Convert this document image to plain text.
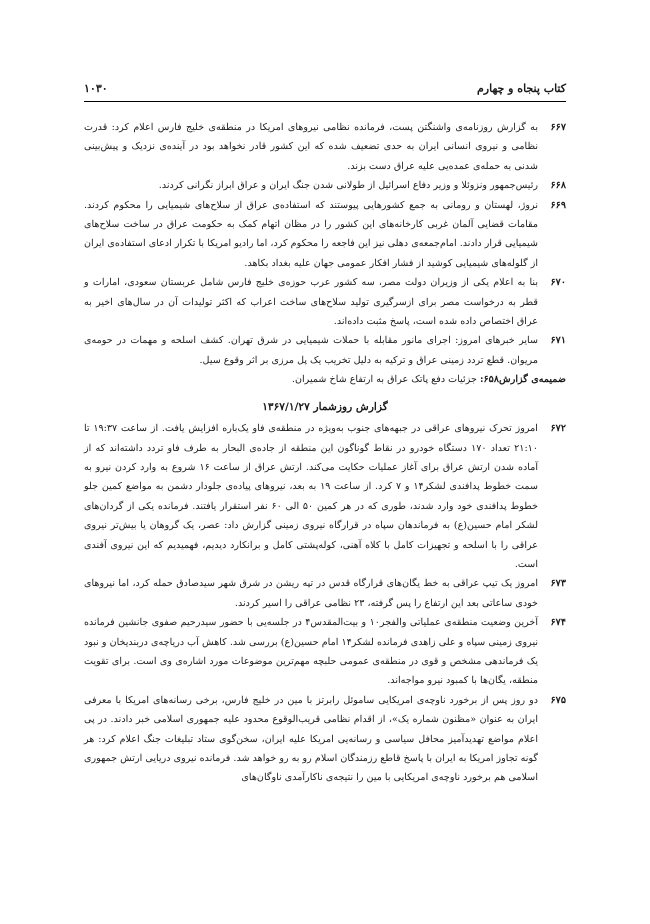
کتاب پنجاه و چهارم
۱۰۳۰
۶۶۷
به گزارش روزنامه‌ی واشنگتن پست، فرمانده نظامی نیروهای امریکا در منطقه‌ی خلیج فارس اعلام کرد: قدرت نظامی و نیروی انسانی ایران به حدی تضعیف شده که این کشور قادر نخواهد بود در آینده‌ی نزدیک و پیش‌بینی شدنی به حمله‌ی عمده‌یی علیه عراق دست بزند.
۶۶۸
رئیس‌جمهور ونزوئلا و وزیر دفاع اسرائیل از طولانی شدن جنگ ایران و عراق ابراز نگرانی کردند.
۶۶۹
نروژ، لهستان و رومانی به جمع کشورهایی پیوستند که استفاده‌ی عراق از سلاح‌های شیمیایی را محکوم کردند. مقامات قضایی آلمان غربی کارخانه‌های این کشور را در مظان اتهام کمک به حکومت عراق در ساخت سلاح‌های شیمیایی قرار دادند. امام‌جمعه‌ی دهلی نیز این فاجعه را محکوم کرد، اما رادیو امریکا با تکرار ادعای استفاده‌ی ایران از گلوله‌های شیمیایی کوشید از فشار افکار عمومی جهان علیه بغداد بکاهد.
۶۷۰
بنا به اعلام یکی از وزیران دولت مصر، سه کشور عرب حوزه‌ی خلیج فارس شامل عربستان سعودی، امارات و قطر به درخواست مصر برای ازسرگیری تولید سلاح‌های ساخت اعراب که اکثر تولیدات آن در سال‌های اخیر به عراق اختصاص داده شده است، پاسخ مثبت داده‌اند.
۶۷۱
سایر خبرهای امروز: اجرای مانور مقابله با حملات شیمیایی در شرق تهران. کشف اسلحه و مهمات در حومه‌ی مریوان. قطع تردد زمینی عراق و ترکیه به دلیل تخریب یک پل مرزی بر اثر وقوع سیل.
ضمیمه‌ی گزارش۶۵۸: جزئیات دفع پاتک عراق به ارتفاع شاخ شمیران.
گزارش روزشمار ۱۳۶۷/۱/۲۷
۶۷۲
امروز تحرک نیروهای عراقی در جبهه‌های جنوب به‌ویژه در منطقه‌ی فاو یک‌باره افزایش یافت. از ساعت ۱۹:۳۷ تا ۲۱:۱۰ تعداد ۱۷۰ دستگاه خودرو در نقاط گوناگون این منطقه از جاده‌ی البحار به طرف فاو تردد داشته‌اند که از آماده شدن ارتش عراق برای آغاز عملیات حکایت می‌کند. ارتش عراق از ساعت ۱۶ شروع به وارد کردن نیرو به سمت خطوط پدافندی لشکر۱۴ و ۷ کرد. از ساعت ۱۹ به بعد، نیروهای پیاده‌ی جلودار دشمن به مواضع کمین جلو خطوط پدافندی خود وارد شدند، طوری که در هر کمین ۵۰ الی ۶۰ نفر استقرار یافتند. فرمانده یکی از گردان‌های لشکر امام حسین(ع) به فرماندهان سپاه در قرارگاه نیروی زمینی گزارش داد: عصر، یک گروهان یا بیش‌تر نیروی عراقی را با اسلحه و تجهیزات کامل با کلاه آهنی، کوله‌پشتی کامل و برانکارد دیدیم، فهمیدیم که این نیروی آفندی است.
۶۷۳
امروز یک تیپ عراقی به خط یگان‌های قرارگاه قدس در تپه ریشن در شرق شهر سیدصادق حمله کرد، اما نیروهای خودی ساعاتی بعد این ارتفاع را پس گرفته، ۲۳ نظامی عراقی را اسیر کردند.
۶۷۴
آخرین وضعیت منطقه‌ی عملیاتی والفجر۱۰ و بیت‌المقدس۴ در جلسه‌یی با حضور سیدرحیم صفوی جانشین فرمانده نیروی زمینی سپاه و علی زاهدی فرمانده لشکر۱۴ امام حسین(ع) بررسی شد. کاهش آب دریاچه‌ی دربندیخان و نبود یک فرماندهی مشخص و قوی در منطقه‌ی عمومی حلبچه مهم‌ترین موضوعات مورد اشاره‌ی وی است. برای تقویت منطقه، یگان‌ها با کمبود نیرو مواجه‌اند.
۶۷۵
دو روز پس از برخورد ناوچه‌ی امریکایی ساموئل رابرتز با مین در خلیج فارس، برخی رسانه‌های امریکا با معرفی ایران به عنوان «مظنون شماره یک»، از اقدام نظامی قریب‌الوقوع محدود علیه جمهوری اسلامی خبر دادند. در پی اعلام مواضع تهدیدآمیز محافل سیاسی و رسانه‌یی امریکا علیه ایران، سخن‌گوی ستاد تبلیغات جنگ اعلام کرد: هر گونه تجاوز امریکا به ایران با پاسخ قاطع رزمندگان اسلام رو به رو خواهد شد. فرمانده نیروی دریایی ارتش جمهوری اسلامی هم برخورد ناوچه‌ی امریکایی با مین را نتیجه‌ی ناکارآمدی ناوگان‌های
